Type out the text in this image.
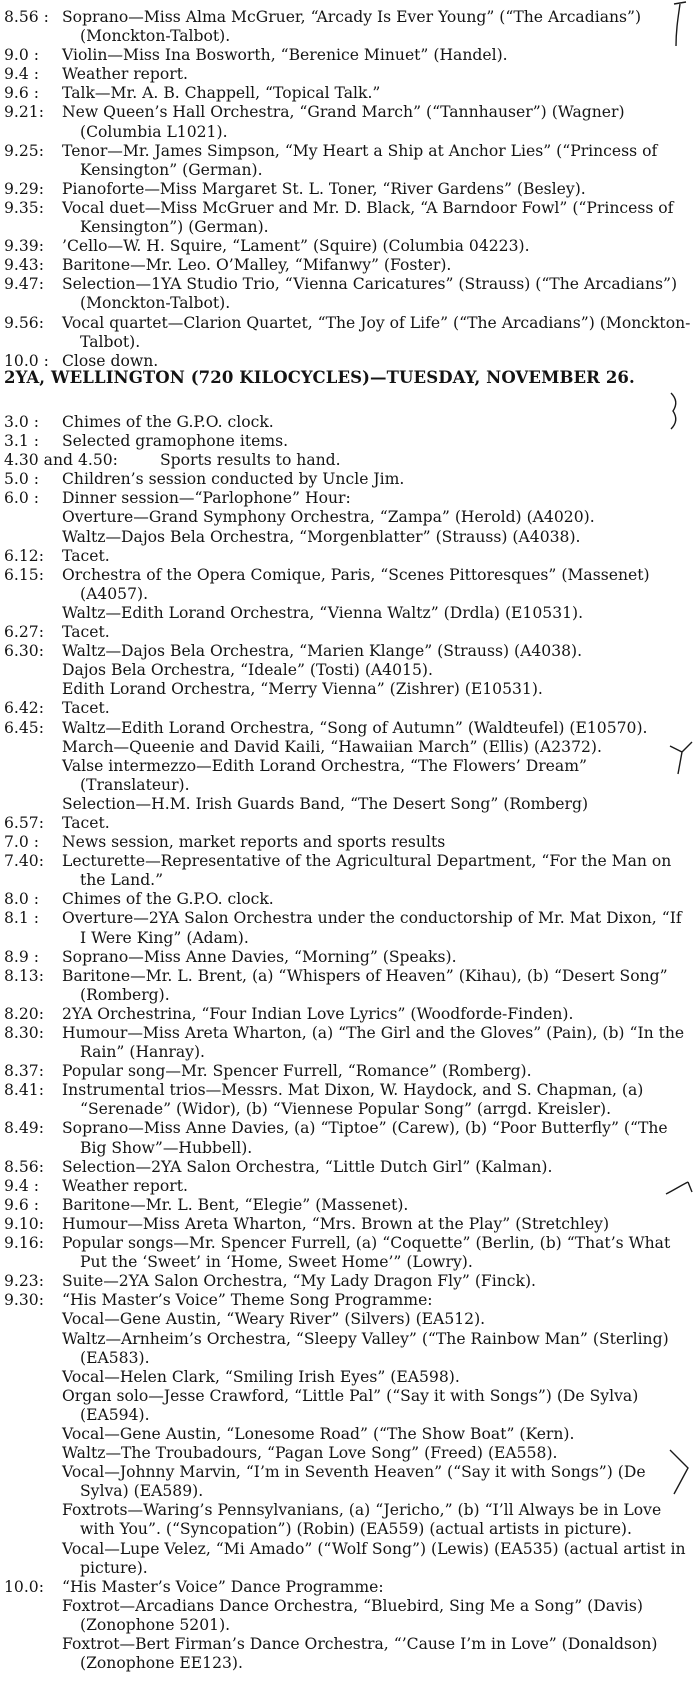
8.56 : Soprano—Miss Alma McGruer, “Arcady Is Ever Young” (“The Arcadians”) (Monckton-Talbot).
9.0 :	Violin—Miss Ina Bosworth, “Berenice Minuet” (Handel).
9.4 :	Weather report.
9.6 :	Talk—Mr. A. B. Chappell, “Topical Talk.”
9.21:	New Queen’s Hall Orchestra, “Grand March” (“Tannhauser”) (Wagner) (Columbia L1021).
9.25:	Tenor—Mr. James Simpson, “My Heart a Ship at Anchor Lies” (“Princess of Kensington” (German).
9.29:	Pianoforte—Miss Margaret St. L. Toner, “River Gardens” (Besley).
9.35:	Vocal duet—Miss McGruer and Mr. D. Black, “A Barndoor Fowl” (“Princess of Kensington”) (German).
9.39:	’Cello—W. H. Squire, “Lament” (Squire) (Columbia 04223).
9.43:	Baritone—Mr. Leo. O’Malley, “Mifanwy” (Foster).
9.47:	Selection—1YA Studio Trio, “Vienna Caricatures” (Strauss) (“The Arcadians”) (Monckton-Talbot).
9.56:	Vocal quartet—Clarion Quartet, “The Joy of Life” (“The Arcadians”) (Monckton-Talbot).
10.0 : Close down.
2YA, WELLINGTON (720 KILOCYCLES)—TUESDAY, NOVEMBER 26.
3.0 :	Chimes of the G.P.O. clock.
3.1 :	Selected gramophone items.
4.30 and 4.50:	Sports results to hand.
5.0 :	Children’s session conducted by Uncle Jim.
6.0 :	Dinner session—“Parlophone” Hour:
Overture—Grand Symphony Orchestra, “Zampa” (Herold) (A4020).
Waltz—Dajos Bela Orchestra, “Morgenblatter” (Strauss) (A4038).
6.12:	Tacet.
6.15:	Orchestra of the Opera Comique, Paris, “Scenes Pittoresques” (Massenet) (A4057).
Waltz—Edith Lorand Orchestra, “Vienna Waltz” (Drdla) (E10531).
6.27:	Tacet.
6.30:	Waltz—Dajos Bela Orchestra, “Marien Klange” (Strauss) (A4038).
Dajos Bela Orchestra, “Ideale” (Tosti) (A4015).
Edith Lorand Orchestra, “Merry Vienna” (Zishrer) (E10531).
6.42:	Tacet.
6.45:	Waltz—Edith Lorand Orchestra, “Song of Autumn” (Waldteufel) (E10570).
March—Queenie and David Kaili, “Hawaiian March” (Ellis) (A2372).
Valse intermezzo—Edith Lorand Orchestra, “The Flowers’ Dream” (Translateur).
Selection—H.M. Irish Guards Band, “The Desert Song” (Romberg)
6.57:	Tacet.
7.0 :	News session, market reports and sports results
7.40:	Lecturette—Representative of the Agricultural Department, “For the Man on the Land.”
8.0 :	Chimes of the G.P.O. clock.
8.1 :	Overture—2YA Salon Orchestra under the conductorship of Mr. Mat Dixon, “If I Were King” (Adam).
8.9 :	Soprano—Miss Anne Davies, “Morning” (Speaks).
8.13:	Baritone—Mr. L. Brent, (a) “Whispers of Heaven” (Kihau), (b) “Desert Song” (Romberg).
8.20:	2YA Orchestrina, “Four Indian Love Lyrics” (Woodforde-Finden).
8.30:	Humour—Miss Areta Wharton, (a) “The Girl and the Gloves” (Pain), (b) “In the Rain” (Hanray).
8.37:	Popular song—Mr. Spencer Furrell, “Romance” (Romberg).
8.41:	Instrumental trios—Messrs. Mat Dixon, W. Haydock, and S. Chapman, (a) “Serenade” (Widor), (b) “Viennese Popular Song” (arrgd. Kreisler).
8.49:	Soprano—Miss Anne Davies, (a) “Tiptoe” (Carew), (b) “Poor Butterfly” (“The Big Show”—Hubbell).
8.56:	Selection—2YA Salon Orchestra, “Little Dutch Girl” (Kalman).
9.4 :	Weather report.
9.6 :	Baritone—Mr. L. Bent, “Elegie” (Massenet).
9.10:	Humour—Miss Areta Wharton, “Mrs. Brown at the Play” (Stretchley)
9.16:	Popular songs—Mr. Spencer Furrell, (a) “Coquette” (Berlin, (b) “That’s What Put the ‘Sweet’ in ‘Home, Sweet Home’” (Lowry).
9.23:	Suite—2YA Salon Orchestra, “My Lady Dragon Fly” (Finck).
9.30:	“His Master’s Voice” Theme Song Programme:
Vocal—Gene Austin, “Weary River” (Silvers) (EA512).
Waltz—Arnheim’s Orchestra, “Sleepy Valley” (“The Rainbow Man” (Sterling) (EA583).
Vocal—Helen Clark, “Smiling Irish Eyes” (EA598).
Organ solo—Jesse Crawford, “Little Pal” (“Say it with Songs”) (De Sylva) (EA594).
Vocal—Gene Austin, “Lonesome Road” (“The Show Boat” (Kern).
Waltz—The Troubadours, “Pagan Love Song” (Freed) (EA558).
Vocal—Johnny Marvin, “I’m in Seventh Heaven” (“Say it with Songs”) (De Sylva) (EA589).
Foxtrots—Waring’s Pennsylvanians, (a) “Jericho,” (b) “I’ll Always be in Love with You”. (“Syncopation”) (Robin) (EA559) (actual artists in picture).
Vocal—Lupe Velez, “Mi Amado” (“Wolf Song”) (Lewis) (EA535) (actual artist in picture).
10.0:	“His Master’s Voice” Dance Programme:
Foxtrot—Arcadians Dance Orchestra, “Bluebird, Sing Me a Song” (Davis) (Zonophone 5201).
Foxtrot—Bert Firman’s Dance Orchestra, “’Cause I’m in Love” (Donaldson) (Zonophone EE123).
